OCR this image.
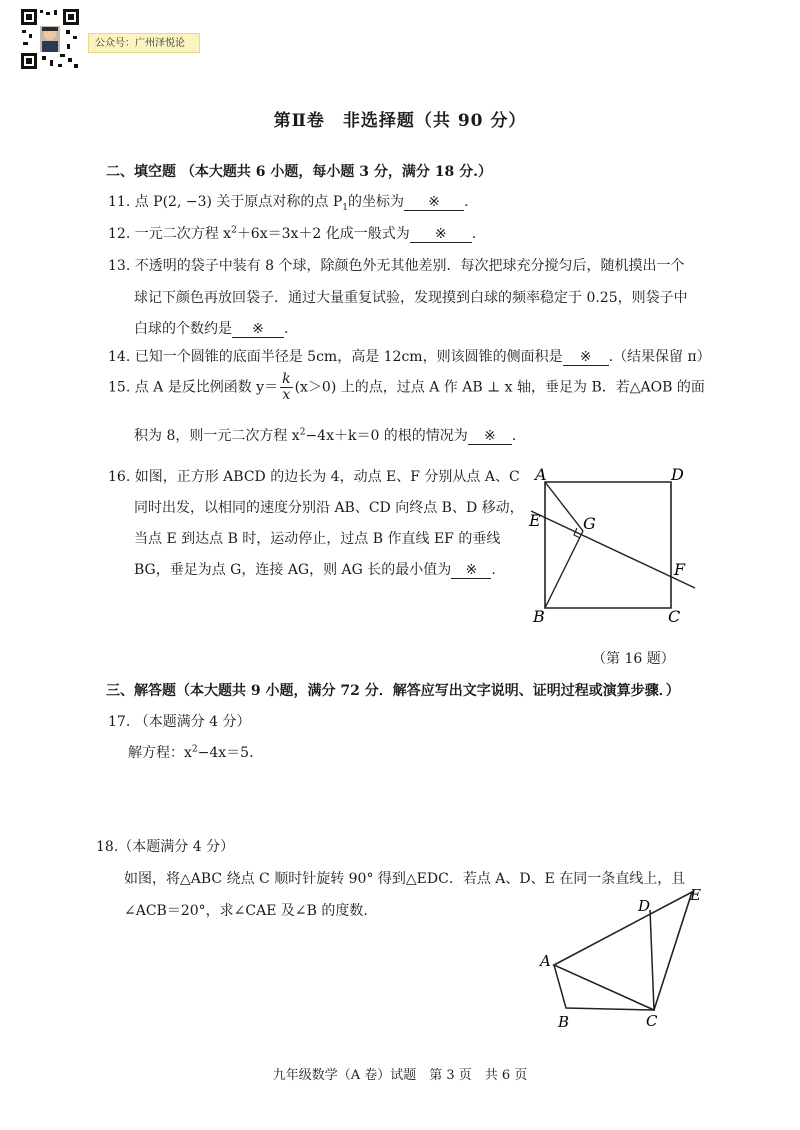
公众号：广州泽悦论
第Ⅱ卷　非选择题（共 90 分）
二、填空题 （本大题共 6 小题，每小题 3 分，满分 18 分.）
11. 点 P(2, −3) 关于原点对称的点 $P_1$的坐标为 ※ .
12. 一元二次方程 $x^2+6x=3x+2$ 化成一般式为 ※ .
13. 不透明的袋子中装有 8 个球，除颜色外无其他差别．每次把球充分搅匀后，随机摸出一个
球记下颜色再放回袋子．通过大量重复试验，发现摸到白球的频率稳定于 0.25，则袋子中
白球的个数约是 ※ .
14. 已知一个圆锥的底面半径是 5cm，高是 12cm，则该圆锥的侧面积是 ※ .（结果保留 π）
15. 点 A 是反比例函数 $y= \frac{k}{x} (x>0)$ 上的点，过点 A 作 AB ⊥ x 轴，垂足为 B．若△AOB 的面
积为 8，则一元二次方程 $x^2-4x+k=0$ 的根的情况为 ※ .
16. 如图，正方形 ABCD 的边长为 4，动点 E、F 分别从点 A、C
同时出发，以相同的速度分别沿 AB、CD 向终点 B、D 移动，
当点 E 到达点 B 时，运动停止，过点 B 作直线 EF 的垂线
BG，垂足为点 G，连接 AG，则 AG 长的最小值为 ※ .
A	D
E	G
F
B	C
（第 16 题）
三、解答题（本大题共 9 小题，满分 72 分．解答应写出文字说明、证明过程或演算步骤．）
17. （本题满分 4 分）
解方程：$x^2-4x=5$.
18.（本题满分 4 分）
如图，将△ABC 绕点 C 顺时针旋转 90° 得到△EDC．若点 A、D、E 在同一条直线上，且
∠ACB＝20°，求∠CAE 及∠B 的度数.
A
D
E
B	C
九年级数学（A 卷）试题　第 3 页　共 6 页
